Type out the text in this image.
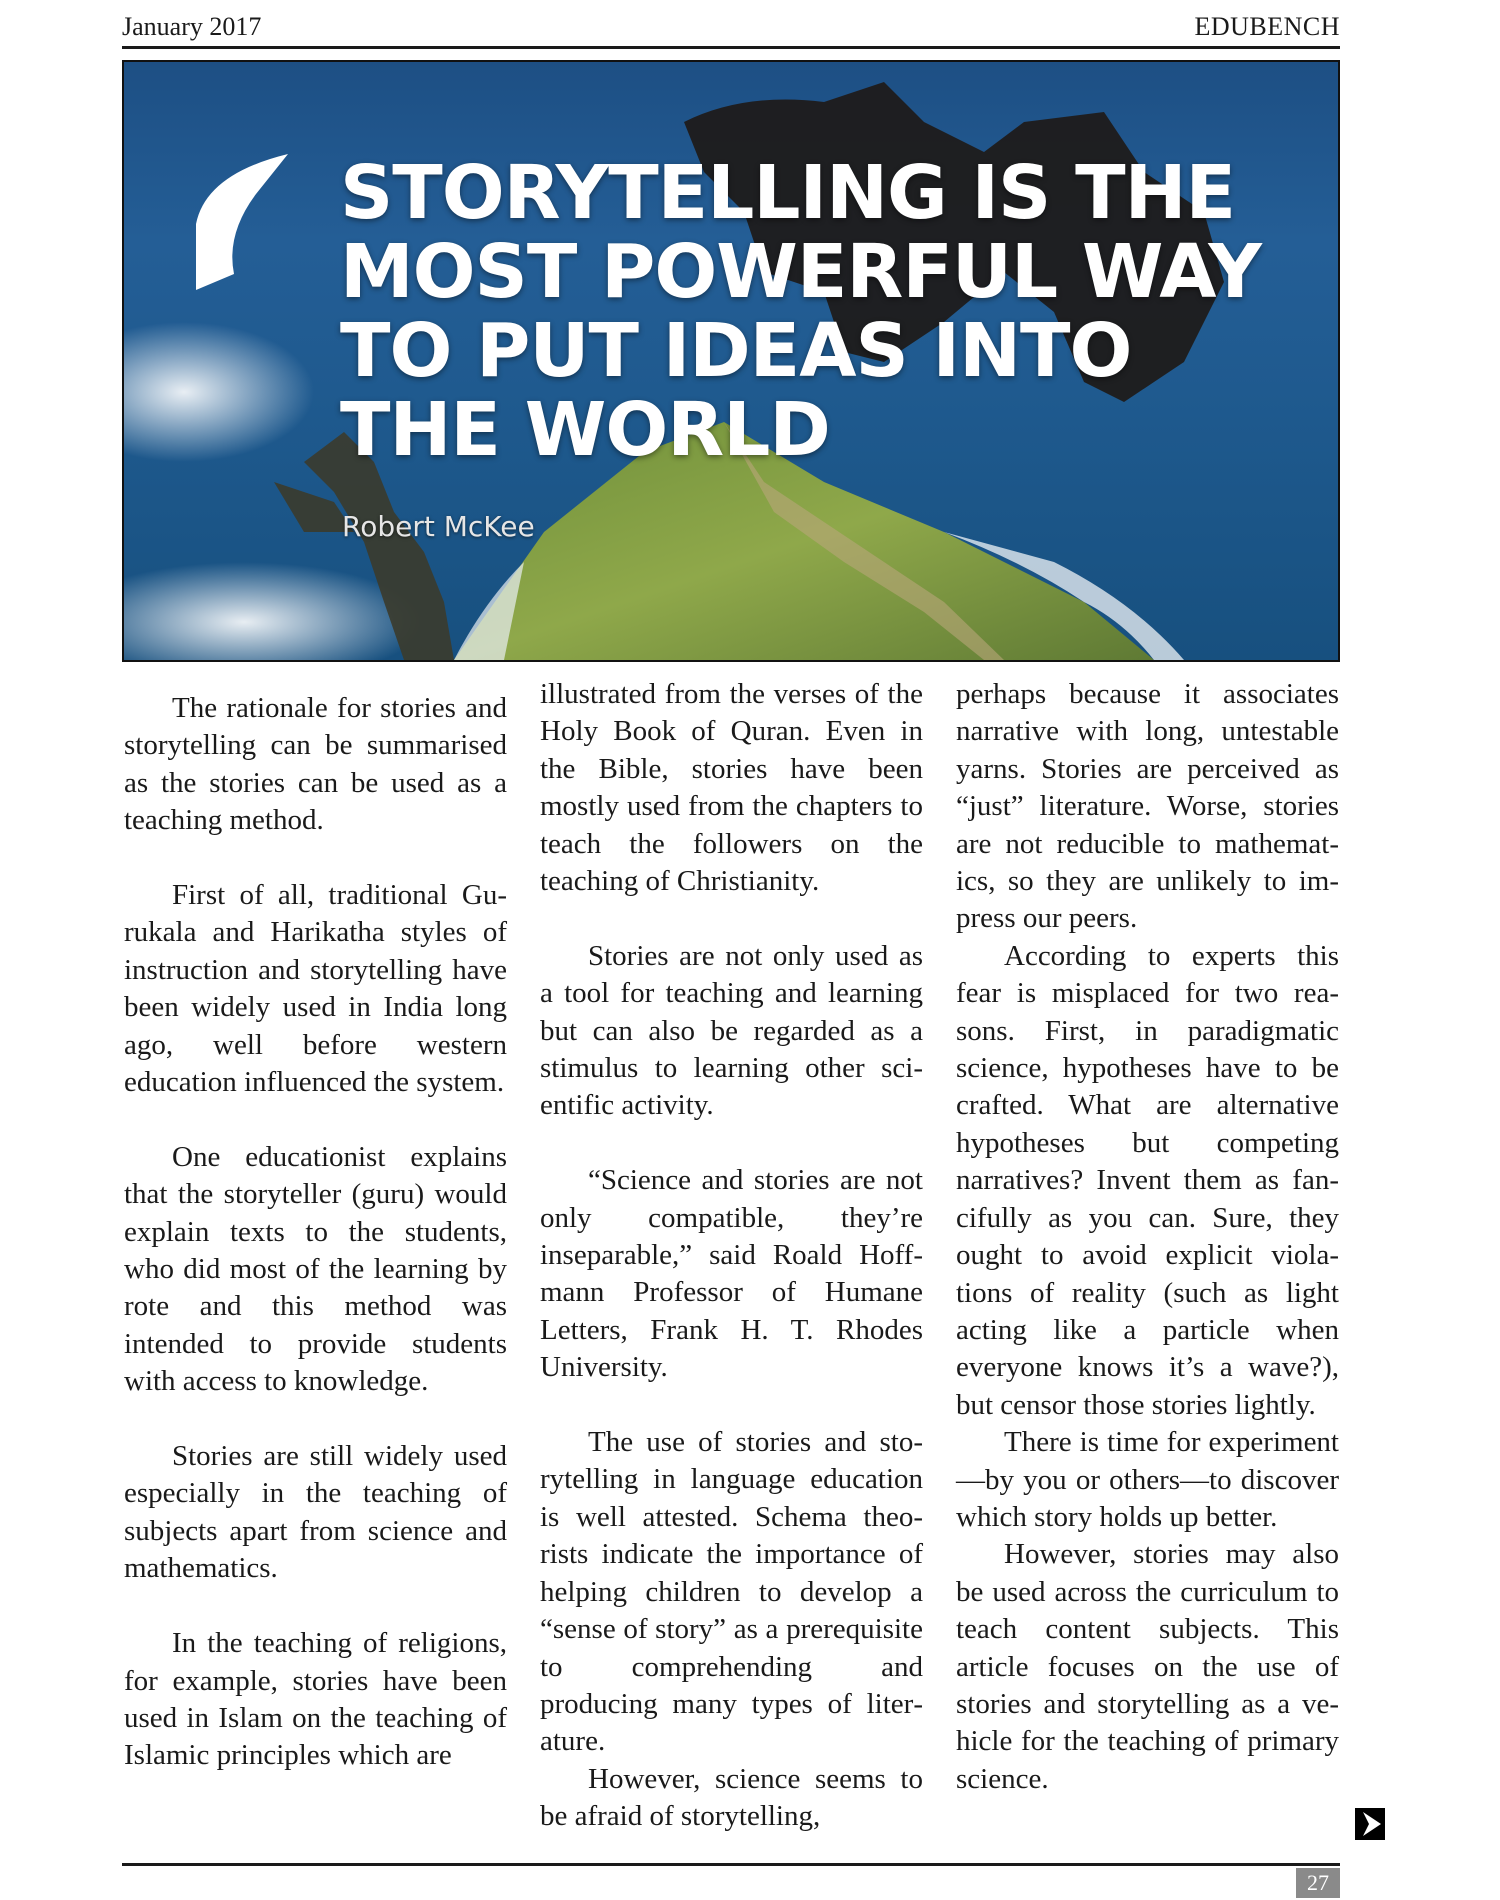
January 2017	EDUBENCH
STORYTELLING IS THE
MOST POWERFUL WAY
TO PUT IDEAS INTO
THE WORLD
Robert McKee

The rationale for stories and storytelling can be summarised as the stories can be used as a teaching method.

First of all, traditional Gurukala and Harikatha styles of instruction and storytelling have been widely used in India long ago, well before western education influenced the system.

One educationist explains that the storyteller (guru) would explain texts to the students, who did most of the learning by rote and this method was intended to provide students with access to knowledge.

Stories are still widely used especially in the teaching of subjects apart from science and mathematics.

In the teaching of religions, for example, stories have been used in Islam on the teaching of Islamic principles which are

illustrated from the verses of the Holy Book of Quran. Even in the Bible, stories have been mostly used from the chapters to teach the followers on the teaching of Christianity.

Stories are not only used as a tool for teaching and learning but can also be regarded as a stimulus to learning other scientific activity.

“Science and stories are not only compatible, they’re inseparable,” said Roald Hoffmann Professor of Humane Letters, Frank H. T. Rhodes University.

The use of stories and storytelling in language education is well attested. Schema theorists indicate the importance of helping children to develop a “sense of story” as a prerequisite to comprehending and producing many types of literature.

However, science seems to be afraid of storytelling,

perhaps because it associates narrative with long, untestable yarns. Stories are perceived as “just” literature. Worse, stories are not reducible to mathematics, so they are unlikely to impress our peers.

According to experts this fear is misplaced for two reasons. First, in paradigmatic science, hypotheses have to be crafted. What are alternative hypotheses but competing narratives? Invent them as fancifully as you can. Sure, they ought to avoid explicit violations of reality (such as light acting like a particle when everyone knows it’s a wave?), but censor those stories lightly.

There is time for experiment—by you or others—to discover which story holds up better.

However, stories may also be used across the curriculum to teach content subjects. This article focuses on the use of stories and storytelling as a vehicle for the teaching of primary science.

27
